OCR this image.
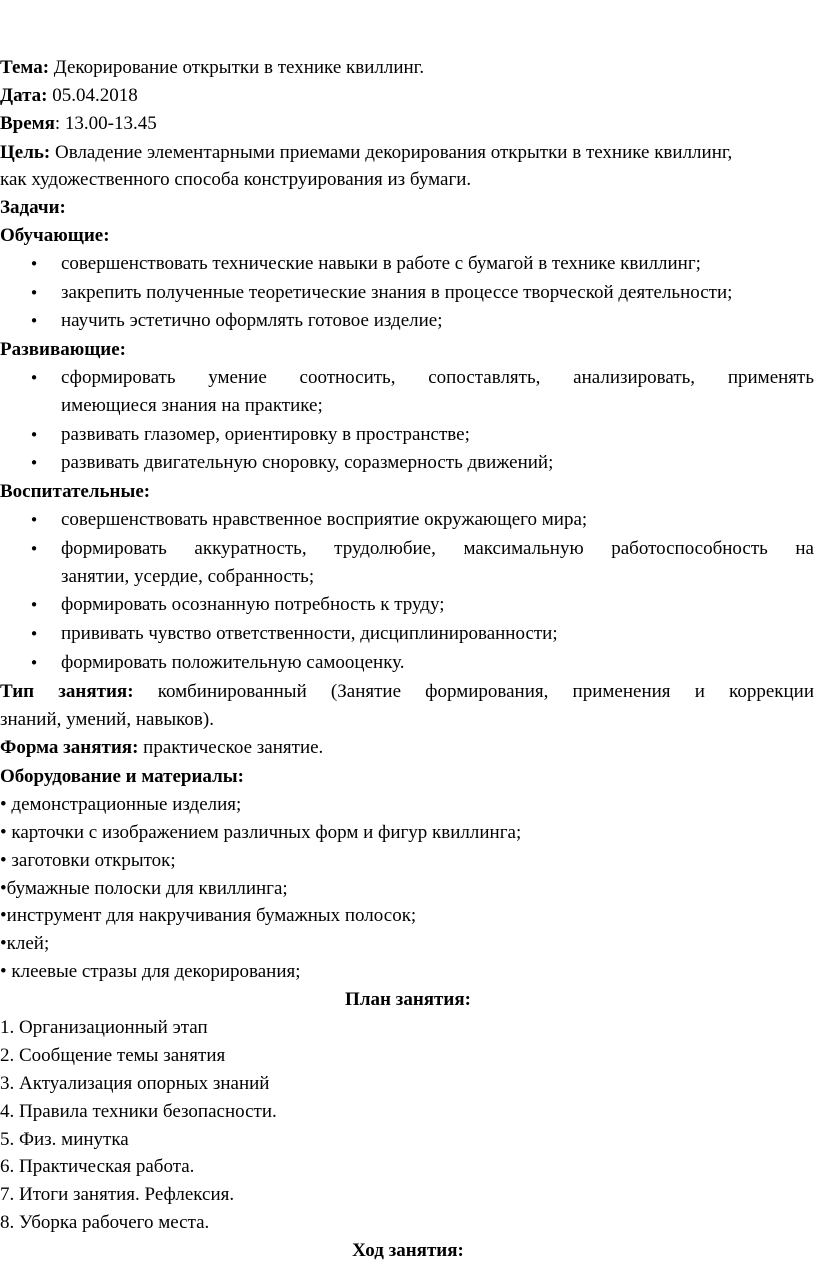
Тема: Декорирование открытки в технике квиллинг.
Дата: 05.04.2018
Время: 13.00-13.45
Цель: Овладение элементарными приемами декорирования открытки в технике квиллинг,
как художественного способа конструирования из бумаги.
Задачи:
Обучающие:
•
совершенствовать технические навыки в работе с бумагой в технике квиллинг;
•
закрепить полученные теоретические знания в процессе творческой деятельности;
•
научить эстетично оформлять готовое изделие;
Развивающие:
•
сформировать умение соотносить, сопоставлять, анализировать, применять
имеющиеся знания на практике;
•
развивать глазомер, ориентировку в пространстве;
•
развивать двигательную сноровку, соразмерность движений;
Воспитательные:
•
совершенствовать нравственное восприятие окружающего мира;
•
формировать аккуратность, трудолюбие, максимальную работоспособность на
занятии, усердие, собранность;
•
формировать осознанную потребность к труду;
•
прививать чувство ответственности, дисциплинированности;
•
формировать положительную самооценку.
Тип занятия: комбинированный (Занятие формирования, применения и коррекции
знаний, умений, навыков).
Форма занятия: практическое занятие.
Оборудование и материалы:
• демонстрационные изделия;
• карточки с изображением различных форм и фигур квиллинга;
• заготовки открыток;
•бумажные полоски для квиллинга;
•инструмент для накручивания бумажных полосок;
•клей;
• клеевые стразы для декорирования;
План занятия:
1. Организационный этап
2. Сообщение темы занятия
3. Актуализация опорных знаний
4. Правила техники безопасности.
5. Физ. минутка
6. Практическая работа.
7. Итоги занятия. Рефлексия.
8. Уборка рабочего места.
Ход занятия:
